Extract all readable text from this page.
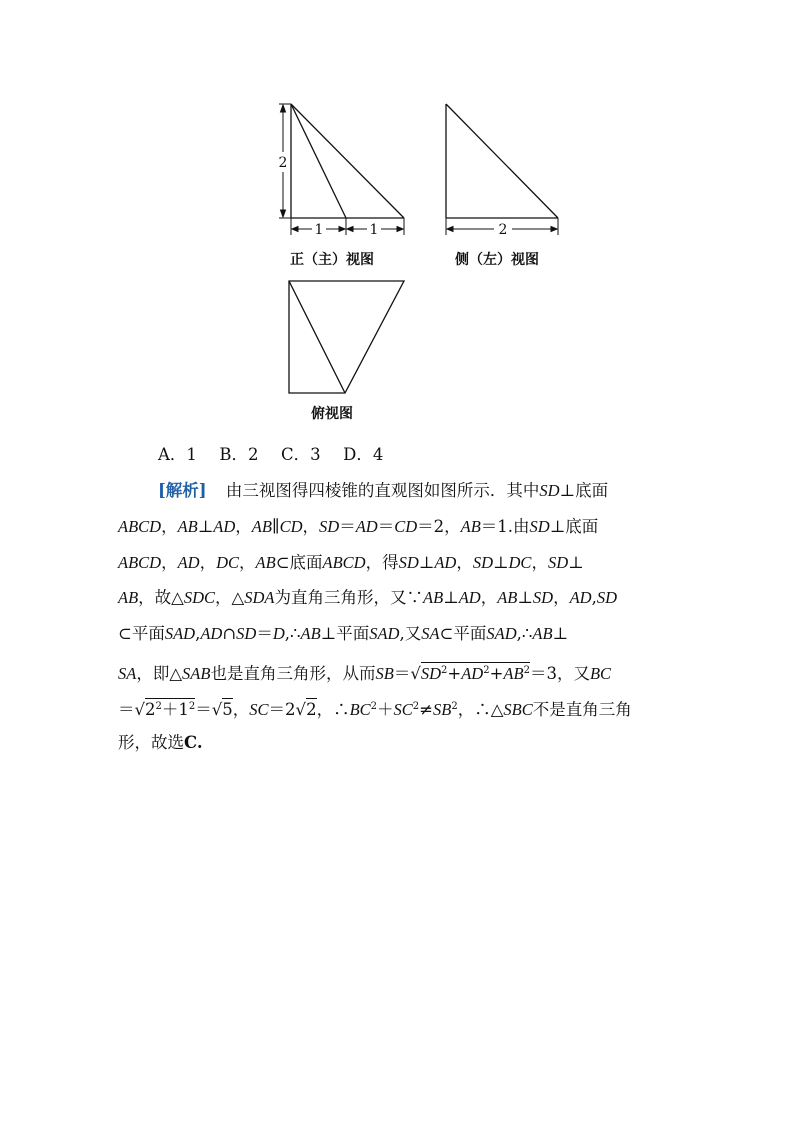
2
1	1	2
正（主）视图	侧（左）视图
俯视图
A．1 B．2 C．3 D．4
[解析] 由三视图得四棱锥的直观图如图所示．其中SD⊥底面
ABCD，AB⊥AD，AB∥CD，SD＝AD＝CD＝2，AB＝1.由SD⊥底面
ABCD，AD，DC，AB⊂底面ABCD，得SD⊥AD，SD⊥DC，SD⊥
AB，故△SDC，△SDA为直角三角形，又∵AB⊥AD，AB⊥SD，AD,SD
⊂平面SAD,AD∩SD＝D,∴AB⊥平面SAD,又SA⊂平面SAD,∴AB⊥
SA，即△SAB也是直角三角形，从而$SB=√SD^2+AD^2+AB^2=3$，又BC
$=√2^2+1^2=√5$，SC＝2√2，$\therefore BC^2+SC^2\ne SB^2$，∴△SBC不是直角三角
形，故选C.
